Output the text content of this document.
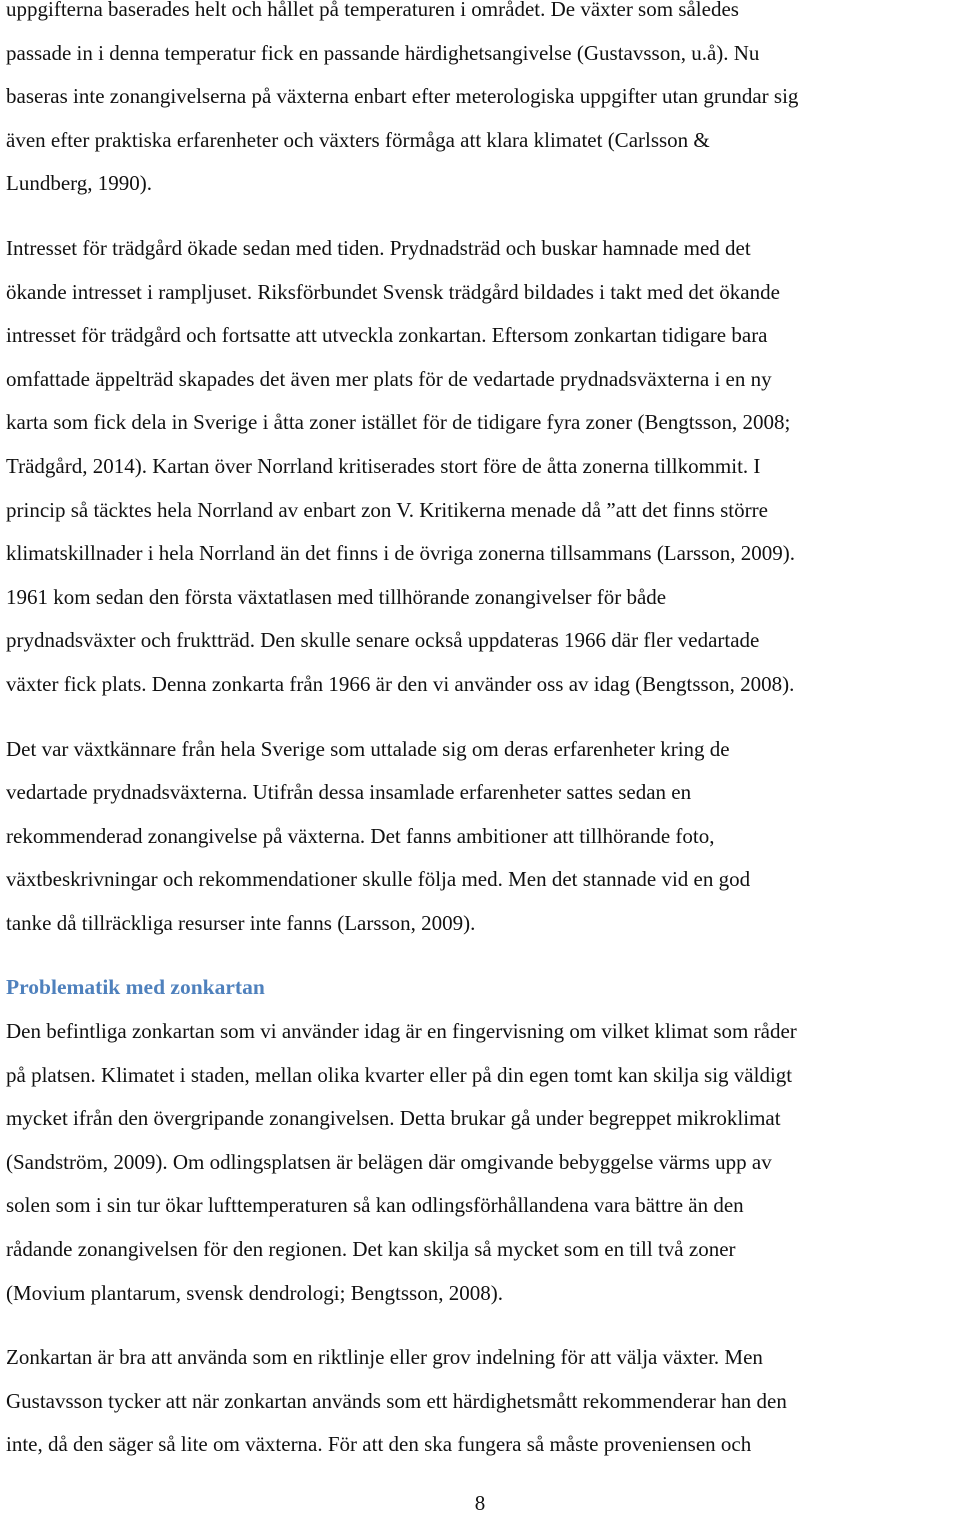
uppgifterna baserades helt och hållet på temperaturen i området. De växter som således
passade in i denna temperatur fick en passande härdighetsangivelse (Gustavsson, u.å). Nu
baseras inte zonangivelserna på växterna enbart efter meterologiska uppgifter utan grundar sig
även efter praktiska erfarenheter och växters förmåga att klara klimatet (Carlsson &
Lundberg, 1990).
Intresset för trädgård ökade sedan med tiden. Prydnadsträd och buskar hamnade med det
ökande intresset i rampljuset. Riksförbundet Svensk trädgård bildades i takt med det ökande
intresset för trädgård och fortsatte att utveckla zonkartan. Eftersom zonkartan tidigare bara
omfattade äppelträd skapades det även mer plats för de vedartade prydnadsväxterna i en ny
karta som fick dela in Sverige i åtta zoner istället för de tidigare fyra zoner (Bengtsson, 2008;
Trädgård, 2014). Kartan över Norrland kritiserades stort före de åtta zonerna tillkommit. I
princip så täcktes hela Norrland av enbart zon V. Kritikerna menade då ”att det finns större
klimatskillnader i hela Norrland än det finns i de övriga zonerna tillsammans (Larsson, 2009).
1961 kom sedan den första växtatlasen med tillhörande zonangivelser för både
prydnadsväxter och fruktträd. Den skulle senare också uppdateras 1966 där fler vedartade
växter fick plats. Denna zonkarta från 1966 är den vi använder oss av idag (Bengtsson, 2008).
Det var växtkännare från hela Sverige som uttalade sig om deras erfarenheter kring de
vedartade prydnadsväxterna. Utifrån dessa insamlade erfarenheter sattes sedan en
rekommenderad zonangivelse på växterna. Det fanns ambitioner att tillhörande foto,
växtbeskrivningar och rekommendationer skulle följa med. Men det stannade vid en god
tanke då tillräckliga resurser inte fanns (Larsson, 2009).
Problematik med zonkartan
Den befintliga zonkartan som vi använder idag är en fingervisning om vilket klimat som råder
på platsen. Klimatet i staden, mellan olika kvarter eller på din egen tomt kan skilja sig väldigt
mycket ifrån den övergripande zonangivelsen. Detta brukar gå under begreppet mikroklimat
(Sandström, 2009). Om odlingsplatsen är belägen där omgivande bebyggelse värms upp av
solen som i sin tur ökar lufttemperaturen så kan odlingsförhållandena vara bättre än den
rådande zonangivelsen för den regionen. Det kan skilja så mycket som en till två zoner
(Movium plantarum, svensk dendrologi; Bengtsson, 2008).
Zonkartan är bra att använda som en riktlinje eller grov indelning för att välja växter. Men
Gustavsson tycker att när zonkartan används som ett härdighetsmått rekommenderar han den
inte, då den säger så lite om växterna. För att den ska fungera så måste proveniensen och
8
